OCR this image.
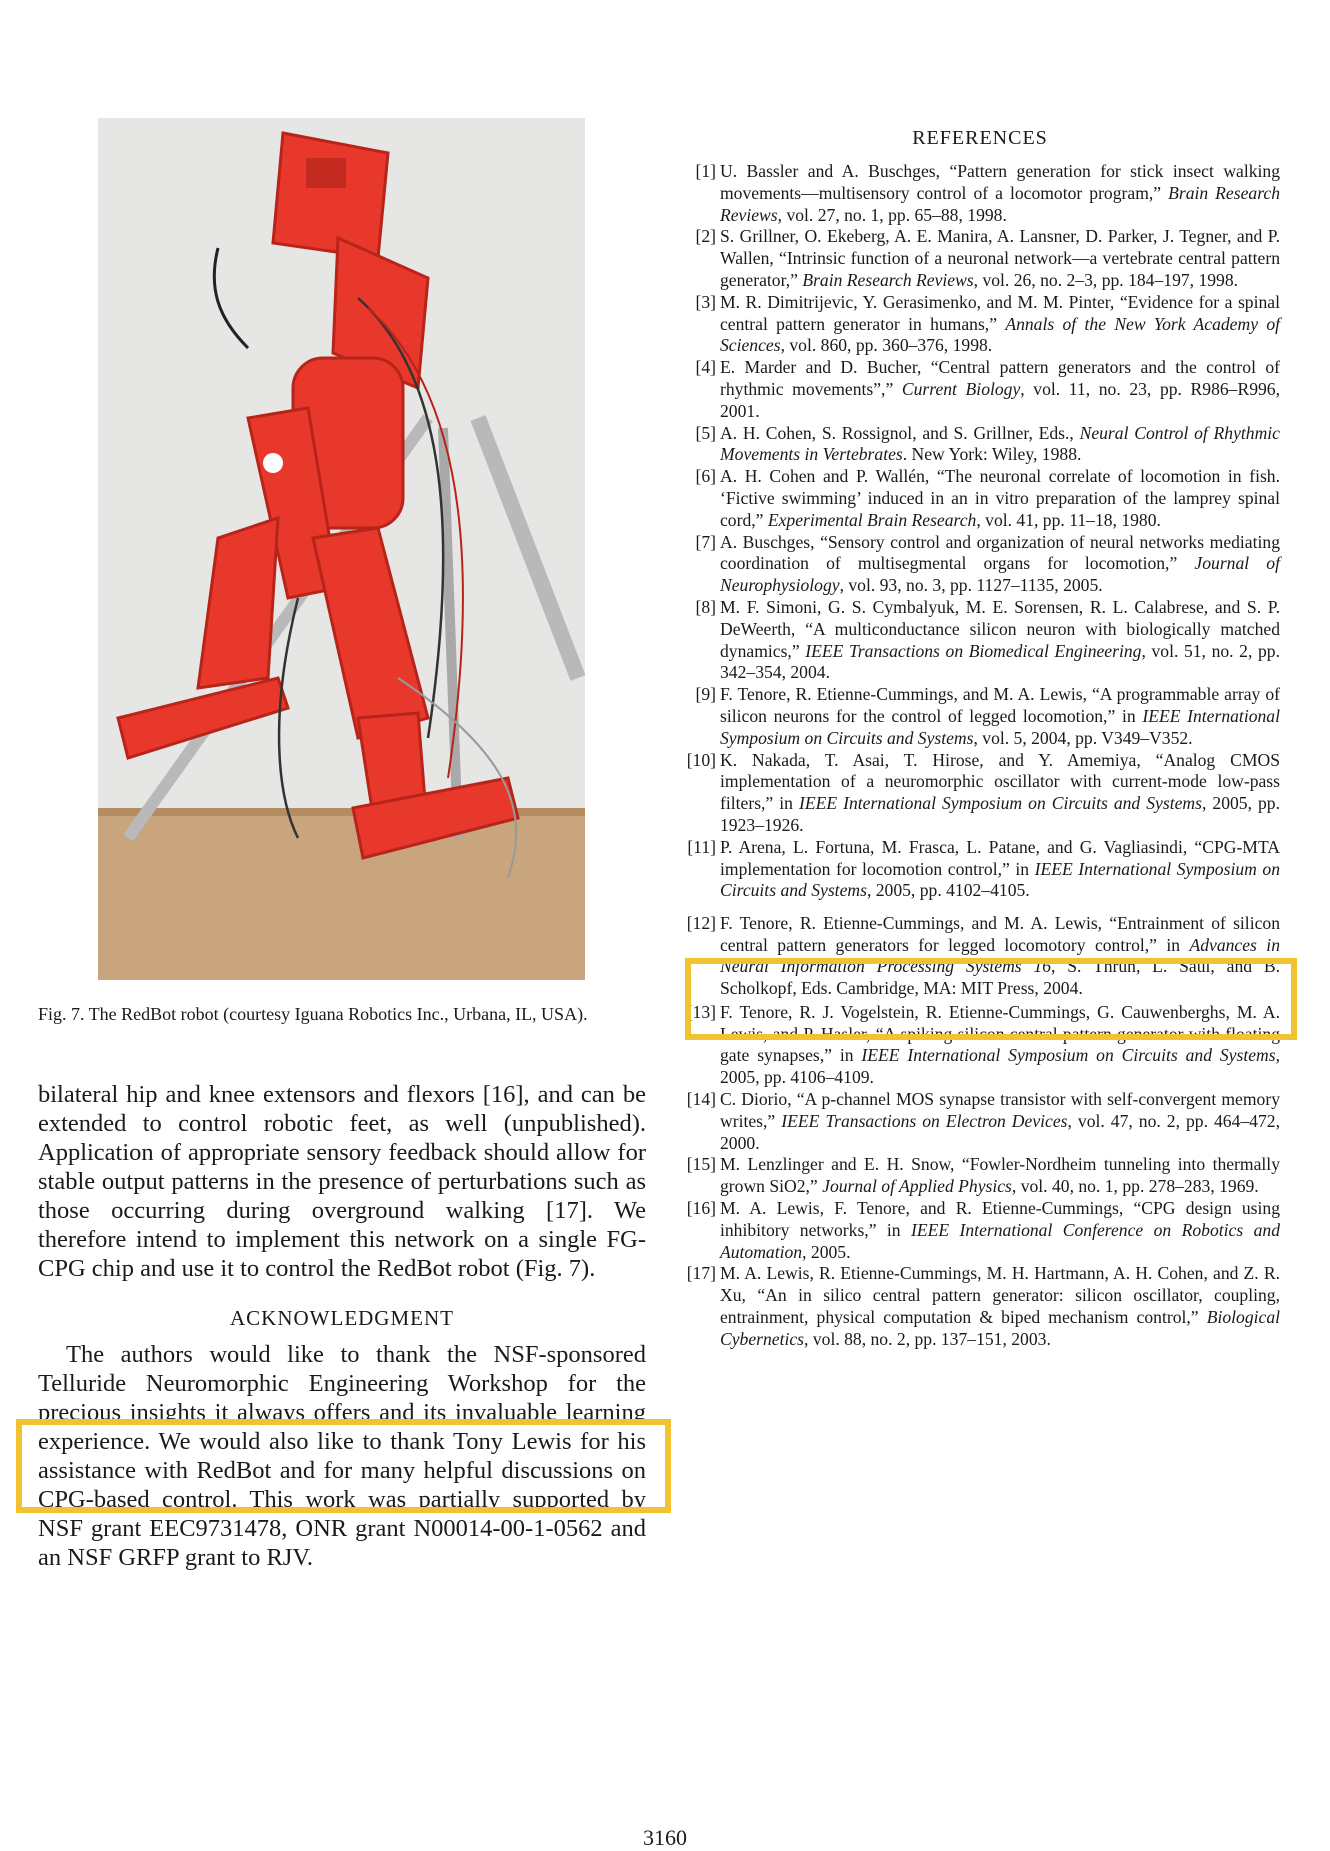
Fig. 7. The RedBot robot (courtesy Iguana Robotics Inc., Urbana, IL, USA).

bilateral hip and knee extensors and flexors [16], and can be extended to control robotic feet, as well (unpublished). Application of appropriate sensory feedback should allow for stable output patterns in the presence of perturbations such as those occurring during overground walking [17]. We therefore intend to implement this network on a single FG-CPG chip and use it to control the RedBot robot (Fig. 7).

ACKNOWLEDGMENT
The authors would like to thank the NSF-sponsored Telluride Neuromorphic Engineering Workshop for the precious insights it always offers and its invaluable learning experience. We would also like to thank Tony Lewis for his assistance with RedBot and for many helpful discussions on CPG-based control. This work was partially supported by NSF grant EEC9731478, ONR grant N00014-00-1-0562 and an NSF GRFP grant to RJV.
REFERENCES
[1] U. Bassler and A. Buschges, “Pattern generation for stick insect walking movements—multisensory control of a locomotor program,” Brain Research Reviews, vol. 27, no. 1, pp. 65–88, 1998.
[2] S. Grillner, O. Ekeberg, A. E. Manira, A. Lansner, D. Parker, J. Tegner, and P. Wallen, “Intrinsic function of a neuronal network—a vertebrate central pattern generator,” Brain Research Reviews, vol. 26, no. 2–3, pp. 184–197, 1998.
[3] M. R. Dimitrijevic, Y. Gerasimenko, and M. M. Pinter, “Evidence for a spinal central pattern generator in humans,” Annals of the New York Academy of Sciences, vol. 860, pp. 360–376, 1998.
[4] E. Marder and D. Bucher, “Central pattern generators and the control of rhythmic movements”,” Current Biology, vol. 11, no. 23, pp. R986–R996, 2001.
[5] A. H. Cohen, S. Rossignol, and S. Grillner, Eds., Neural Control of Rhythmic Movements in Vertebrates. New York: Wiley, 1988.
[6] A. H. Cohen and P. Wallén, “The neuronal correlate of locomotion in fish. ‘Fictive swimming’ induced in an in vitro preparation of the lamprey spinal cord,” Experimental Brain Research, vol. 41, pp. 11–18, 1980.
[7] A. Buschges, “Sensory control and organization of neural networks mediating coordination of multisegmental organs for locomotion,” Journal of Neurophysiology, vol. 93, no. 3, pp. 1127–1135, 2005.
[8] M. F. Simoni, G. S. Cymbalyuk, M. E. Sorensen, R. L. Calabrese, and S. P. DeWeerth, “A multiconductance silicon neuron with biologically matched dynamics,” IEEE Transactions on Biomedical Engineering, vol. 51, no. 2, pp. 342–354, 2004.
[9] F. Tenore, R. Etienne-Cummings, and M. A. Lewis, “A programmable array of silicon neurons for the control of legged locomotion,” in IEEE International Symposium on Circuits and Systems, vol. 5, 2004, pp. V349–V352.
[10] K. Nakada, T. Asai, T. Hirose, and Y. Amemiya, “Analog CMOS implementation of a neuromorphic oscillator with current-mode low-pass filters,” in IEEE International Symposium on Circuits and Systems, 2005, pp. 1923–1926.
[11] P. Arena, L. Fortuna, M. Frasca, L. Patane, and G. Vagliasindi, “CPG-MTA implementation for locomotion control,” in IEEE International Symposium on Circuits and Systems, 2005, pp. 4102–4105.
[12] F. Tenore, R. Etienne-Cummings, and M. A. Lewis, “Entrainment of silicon central pattern generators for legged locomotory control,” in Advances in Neural Information Processing Systems 16, S. Thrun, L. Saul, and B. Scholkopf, Eds. Cambridge, MA: MIT Press, 2004.
[13] F. Tenore, R. J. Vogelstein, R. Etienne-Cummings, G. Cauwenberghs, M. A. Lewis, and P. Hasler, “A spiking silicon central pattern generator with floating gate synapses,” in IEEE International Symposium on Circuits and Systems, 2005, pp. 4106–4109.
[14] C. Diorio, “A p-channel MOS synapse transistor with self-convergent memory writes,” IEEE Transactions on Electron Devices, vol. 47, no. 2, pp. 464–472, 2000.
[15] M. Lenzlinger and E. H. Snow, “Fowler-Nordheim tunneling into thermally grown SiO2,” Journal of Applied Physics, vol. 40, no. 1, pp. 278–283, 1969.
[16] M. A. Lewis, F. Tenore, and R. Etienne-Cummings, “CPG design using inhibitory networks,” in IEEE International Conference on Robotics and Automation, 2005.
[17] M. A. Lewis, R. Etienne-Cummings, M. H. Hartmann, A. H. Cohen, and Z. R. Xu, “An in silico central pattern generator: silicon oscillator, coupling, entrainment, physical computation & biped mechanism control,” Biological Cybernetics, vol. 88, no. 2, pp. 137–151, 2003.
3160
